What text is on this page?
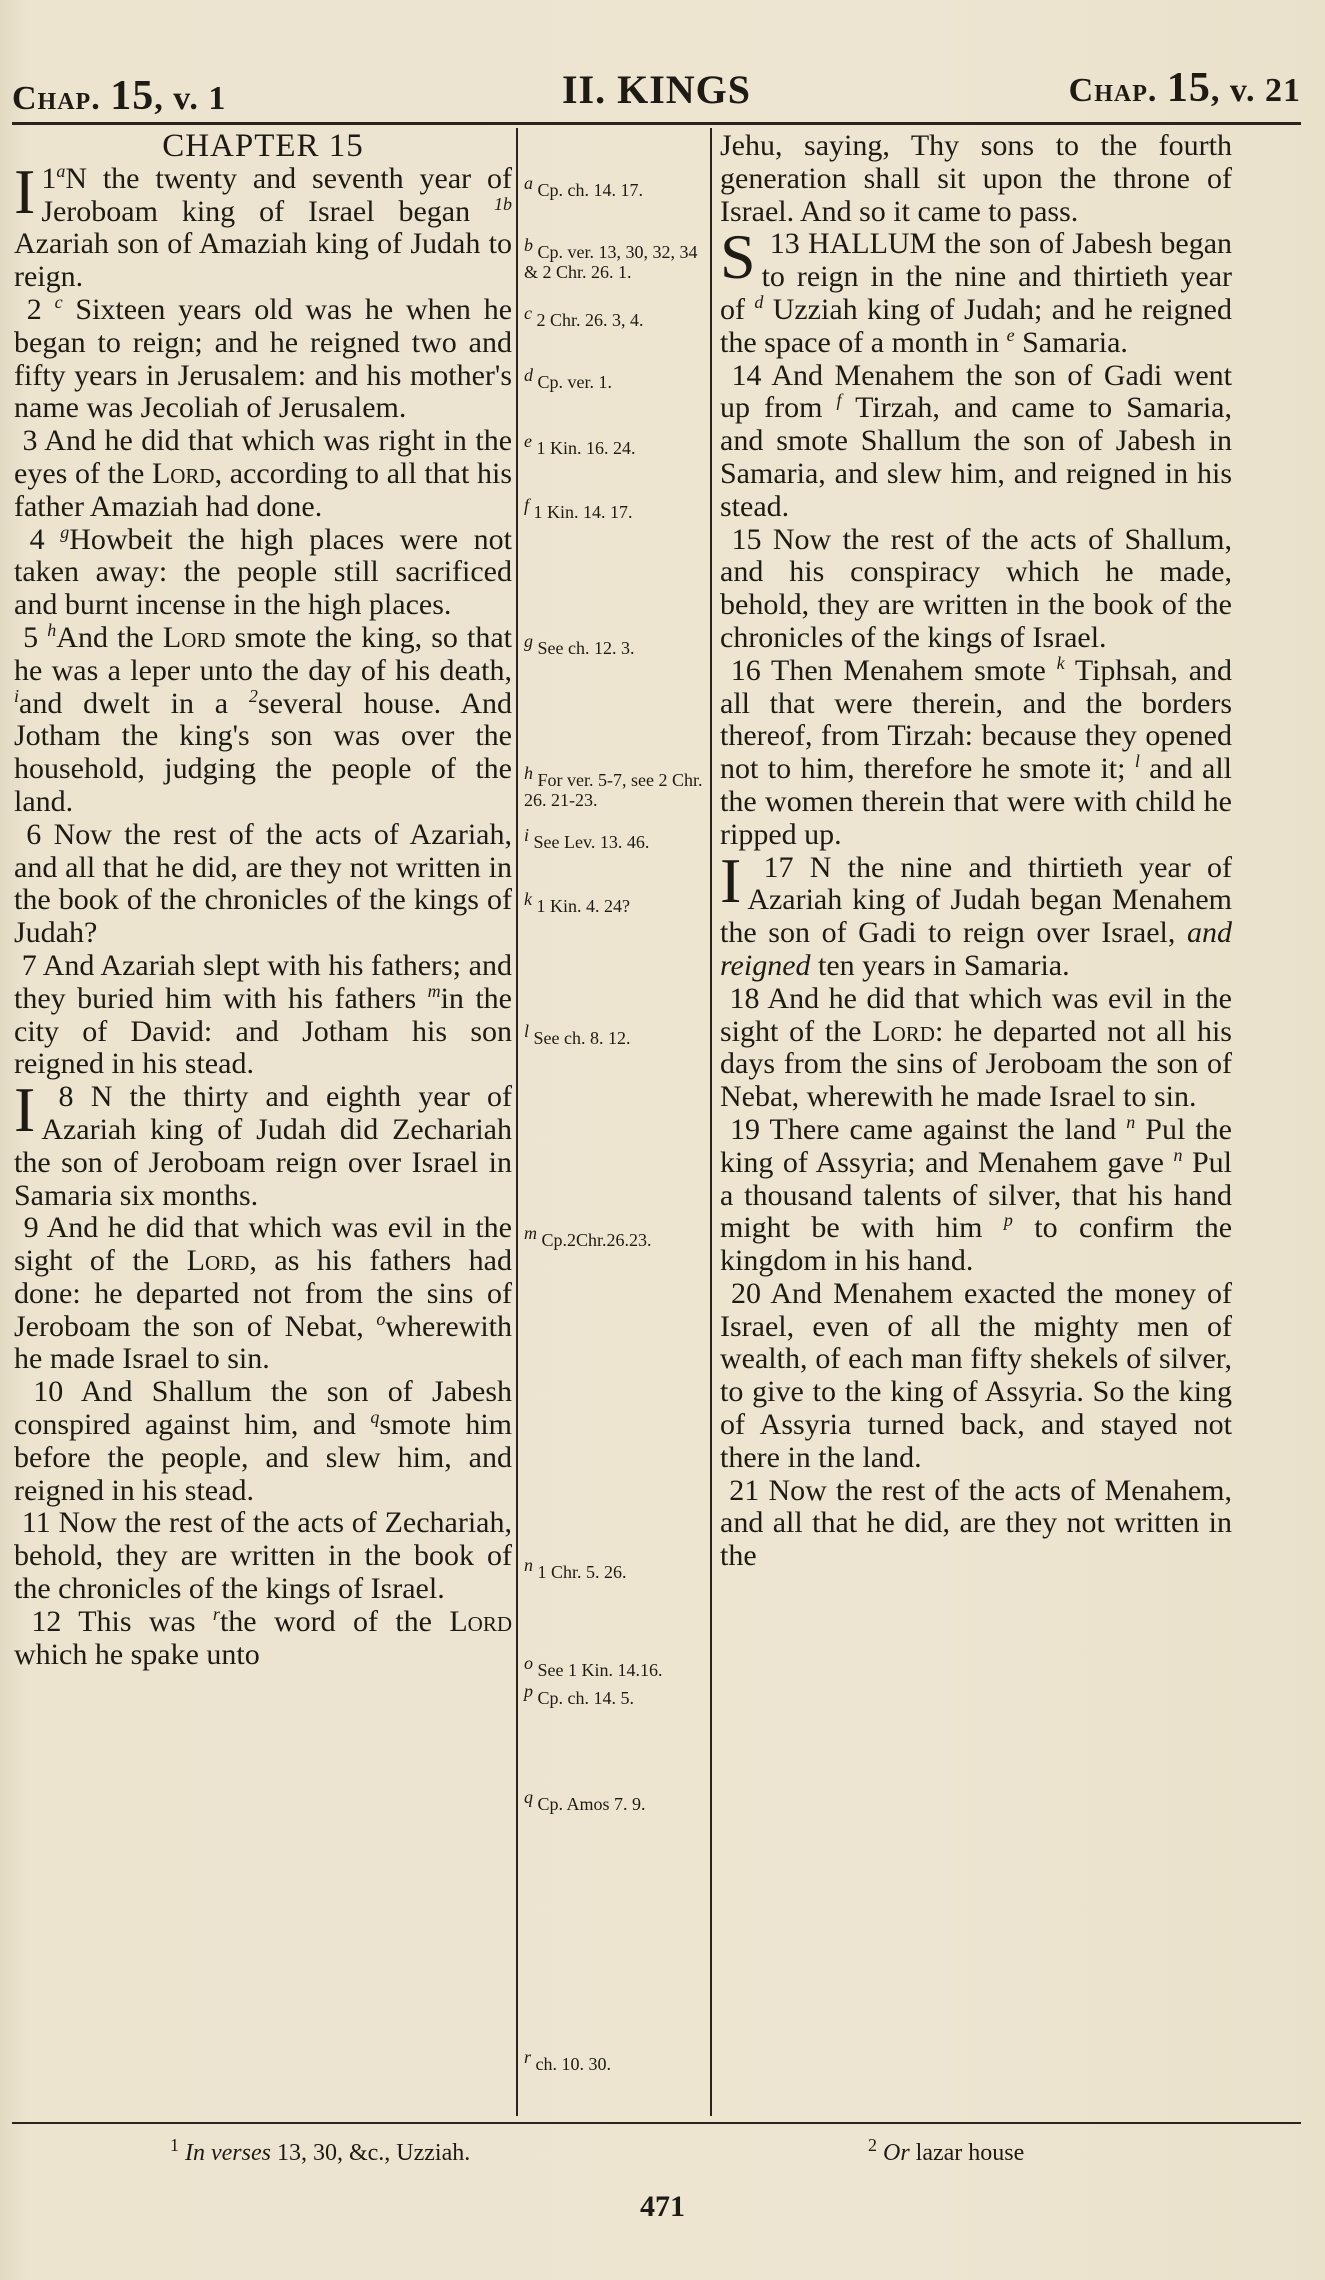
Chap. 15, v. 1	II. KINGS	Chap. 15, v. 21
CHAPTER 15

1$^a$
I N the twenty and seventh year of Jeroboam king of Israel began $^{1b}$ Azariah son of Amaziah king of Judah to reign.

2 $^c$ Sixteen years old was he when he began to reign; and he reigned two and fifty years in Jerusalem: and his mother's name was Jecoliah of Jerusalem.

3 And he did that which was right in the eyes of the Lord, according to all that his father Amaziah had done.

4 $^g$Howbeit the high places were not taken away: the people still sacrificed and burnt incense in the high places.

5 $^h$And the Lord smote the king, so that he was a leper unto the day of his death, $^i$and dwelt in a $^2$several house. And Jotham the king's son was over the household, judging the people of the land.

6 Now the rest of the acts of Azariah, and all that he did, are they not written in the book of the chronicles of the kings of Judah?

7 And Azariah slept with his fathers; and they buried him with his fathers $^m$in the city of David: and Jotham his son reigned in his stead.

8
I N the thirty and eighth year of Azariah king of Judah did Zechariah the son of Jeroboam reign over Israel in Samaria six months.

9 And he did that which was evil in the sight of the Lord, as his fathers had done: he departed not from the sins of Jeroboam the son of Nebat, $^o$wherewith he made Israel to sin.

10 And Shallum the son of Jabesh conspired against him, and $^q$smote him before the people, and slew him, and reigned in his stead.

11 Now the rest of the acts of Zechariah, behold, they are written in the book of the chronicles of the kings of Israel.

12 This was $^r$the word of the Lord which he spake unto

$^a$ Cp. ch. 14. 17.
$^b$ Cp. ver. 13, 30, 32, 34 & 2 Chr. 26. 1.
$^c$ 2 Chr. 26. 3, 4.
$^d$ Cp. ver. 1.
$^e$ 1 Kin. 16. 24.
$^f$ 1 Kin. 14. 17.
$^g$ See ch. 12. 3.
$^h$ For ver. 5-7, see 2 Chr. 26. 21-23.
$^i$ See Lev. 13. 46.
$^k$ 1 Kin. 4. 24?
$^l$ See ch. 8. 12.
$^m$ Cp.2Chr.26.23.
$^n$ 1 Chr. 5. 26.
$^o$ See 1 Kin. 14.16.
$^p$ Cp. ch. 14. 5.
$^q$ Cp. Amos 7. 9.
$^r$ ch. 10. 30.

Jehu, saying, Thy sons to the fourth generation shall sit upon the throne of Israel. And so it came to pass.

13
S HALLUM the son of Jabesh began to reign in the nine and thirtieth year of $^d$ Uzziah king of Judah; and he reigned the space of a month in $^e$ Samaria.

14 And Menahem the son of Gadi went up from $^f$ Tirzah, and came to Samaria, and smote Shallum the son of Jabesh in Samaria, and slew him, and reigned in his stead.

15 Now the rest of the acts of Shallum, and his conspiracy which he made, behold, they are written in the book of the chronicles of the kings of Israel.

16 Then Menahem smote $^k$ Tiphsah, and all that were therein, and the borders thereof, from Tirzah: because they opened not to him, therefore he smote it; $^l$ and all the women therein that were with child he ripped up.

17
I N the nine and thirtieth year of Azariah king of Judah began Menahem the son of Gadi to reign over Israel, and reigned ten years in Samaria.

18 And he did that which was evil in the sight of the Lord: he departed not all his days from the sins of Jeroboam the son of Nebat, wherewith he made Israel to sin.

19 There came against the land $^n$ Pul the king of Assyria; and Menahem gave $^n$ Pul a thousand talents of silver, that his hand might be with him $^p$ to confirm the kingdom in his hand.

20 And Menahem exacted the money of Israel, even of all the mighty men of wealth, of each man fifty shekels of silver, to give to the king of Assyria. So the king of Assyria turned back, and stayed not there in the land.

21 Now the rest of the acts of Menahem, and all that he did, are they not written in the

$^1$ In verses 13, 30, &c., Uzziah.	$^2$ Or lazar house
471
